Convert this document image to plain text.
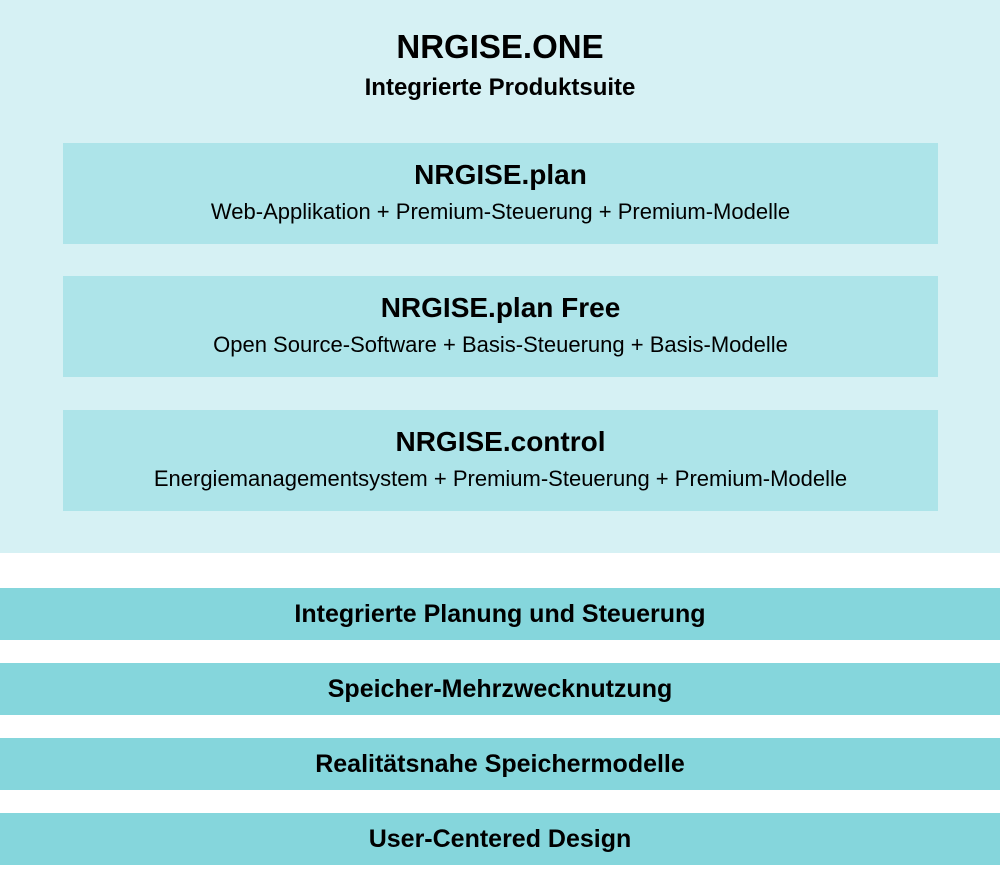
NRGISE.ONE
Integrierte Produktsuite
NRGISE.plan
Web-Applikation + Premium-Steuerung + Premium-Modelle
NRGISE.plan Free
Open Source-Software + Basis-Steuerung + Basis-Modelle
NRGISE.control
Energiemanagementsystem + Premium-Steuerung + Premium-Modelle
Integrierte Planung und Steuerung
Speicher-Mehrzwecknutzung
Realitätsnahe Speichermodelle
User-Centered Design
